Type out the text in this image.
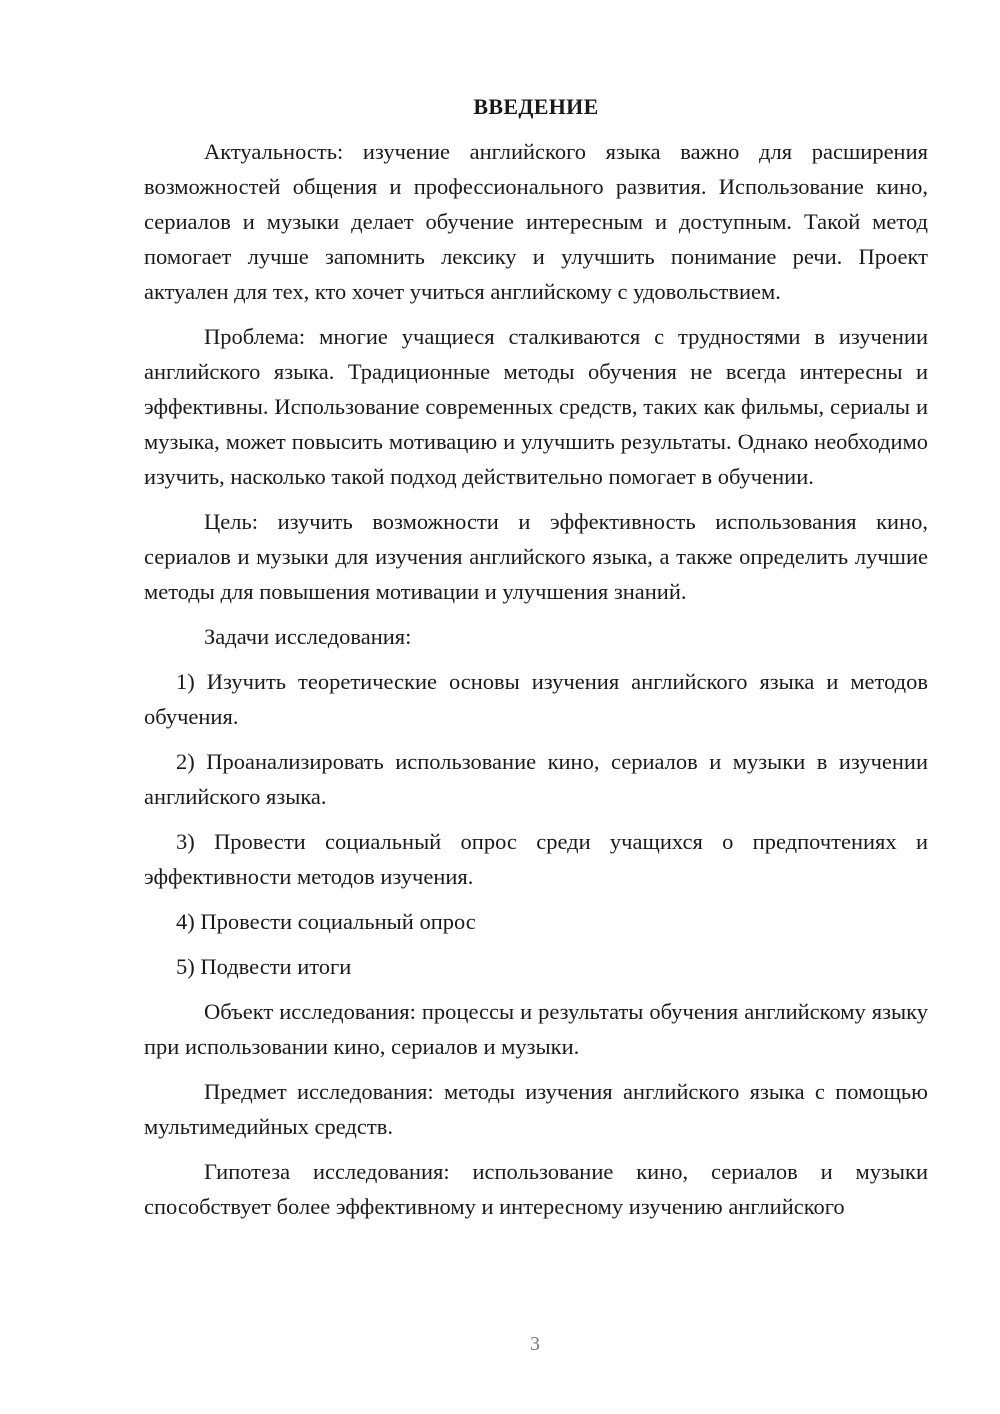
ВВЕДЕНИЕ

Актуальность: изучение английского языка важно для расширения возможностей общения и профессионального развития. Использование кино, сериалов и музыки делает обучение интересным и доступным. Такой метод помогает лучше запомнить лексику и улучшить понимание речи. Проект актуален для тех, кто хочет учиться английскому с удовольствием.

Проблема: многие учащиеся сталкиваются с трудностями в изучении английского языка. Традиционные методы обучения не всегда интересны и эффективны. Использование современных средств, таких как фильмы, сериалы и музыка, может повысить мотивацию и улучшить результаты. Однако необходимо изучить, насколько такой подход действительно помогает в обучении.

Цель: изучить возможности и эффективность использования кино, сериалов и музыки для изучения английского языка, а также определить лучшие методы для повышения мотивации и улучшения знаний.

Задачи исследования:

1) Изучить теоретические основы изучения английского языка и методов обучения.

2) Проанализировать использование кино, сериалов и музыки в изучении английского языка.

3) Провести социальный опрос среди учащихся о предпочтениях и эффективности методов изучения.

4) Провести социальный опрос

5) Подвести итоги

Объект исследования: процессы и результаты обучения английскому языку при использовании кино, сериалов и музыки.

Предмет исследования: методы изучения английского языка с помощью мультимедийных средств.

Гипотеза исследования: использование кино, сериалов и музыки способствует более эффективному и интересному изучению английского

3
